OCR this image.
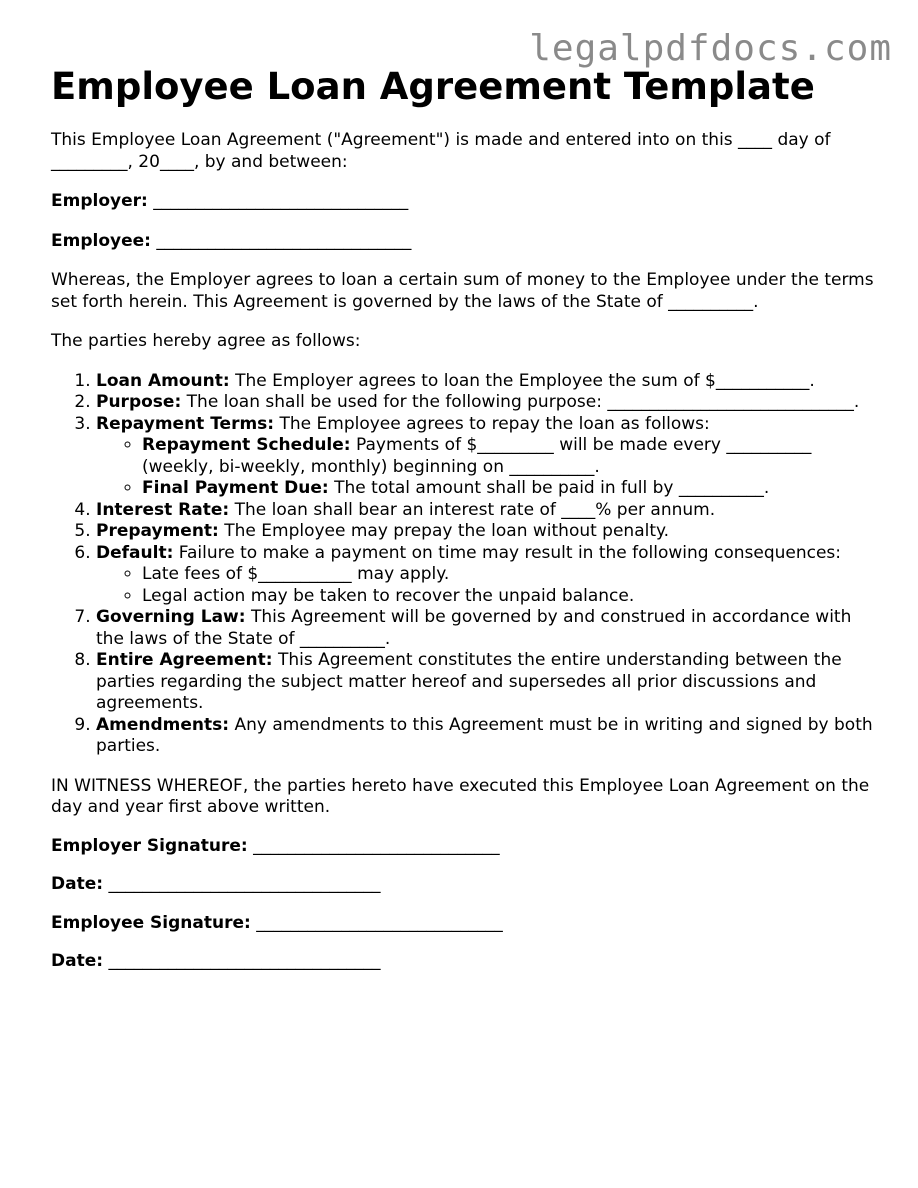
legalpdfdocs.com
Employee Loan Agreement Template

This Employee Loan Agreement ("Agreement") is made and entered into on this ____ day of _________, 20____, by and between:

Employer: ______________________________

Employee: ______________________________

Whereas, the Employer agrees to loan a certain sum of money to the Employee under the terms set forth herein. This Agreement is governed by the laws of the State of __________.

The parties hereby agree as follows:

1. Loan Amount: The Employer agrees to loan the Employee the sum of $___________.
2. Purpose: The loan shall be used for the following purpose: _____________________________.
3. Repayment Terms: The Employee agrees to repay the loan as follows:
◦ Repayment Schedule: Payments of $_________ will be made every __________ (weekly, bi-weekly, monthly) beginning on __________.
◦ Final Payment Due: The total amount shall be paid in full by __________.
4. Interest Rate: The loan shall bear an interest rate of ____% per annum.
5. Prepayment: The Employee may prepay the loan without penalty.
6. Default: Failure to make a payment on time may result in the following consequences:
◦ Late fees of $___________ may apply.
◦ Legal action may be taken to recover the unpaid balance.
7. Governing Law: This Agreement will be governed by and construed in accordance with the laws of the State of __________.
8. Entire Agreement: This Agreement constitutes the entire understanding between the parties regarding the subject matter hereof and supersedes all prior discussions and agreements.
9. Amendments: Any amendments to this Agreement must be in writing and signed by both parties.

IN WITNESS WHEREOF, the parties hereto have executed this Employee Loan Agreement on the day and year first above written.

Employer Signature: _____________________________

Date: ________________________________

Employee Signature: _____________________________

Date: ________________________________
